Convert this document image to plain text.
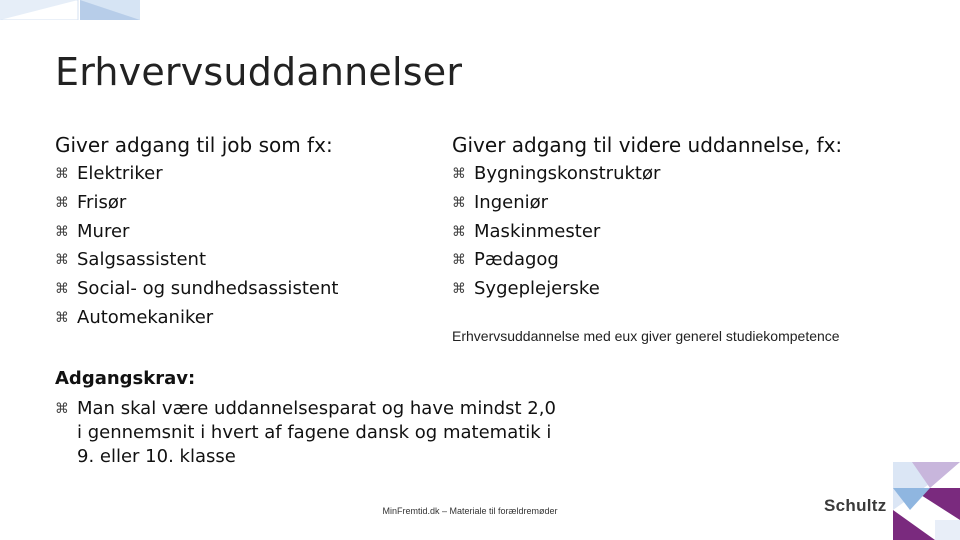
Erhvervsuddannelser
Giver adgang til job som fx:
⌘ Elektriker
⌘ Frisør
⌘ Murer
⌘ Salgsassistent
⌘ Social- og sundhedsassistent
⌘ Automekaniker
Giver adgang til videre uddannelse, fx:
⌘ Bygningskonstruktør
⌘ Ingeniør
⌘ Maskinmester
⌘ Pædagog
⌘ Sygeplejerske
Erhvervsuddannelse med eux giver generel studiekompetence
Adgangskrav:
⌘ Man skal være uddannelsesparat og have mindst 2,0 i gennemsnit i hvert af fagene dansk og matematik i 9. eller 10. klasse
MinFremtid.dk – Materiale til forældremøder	Schultz
